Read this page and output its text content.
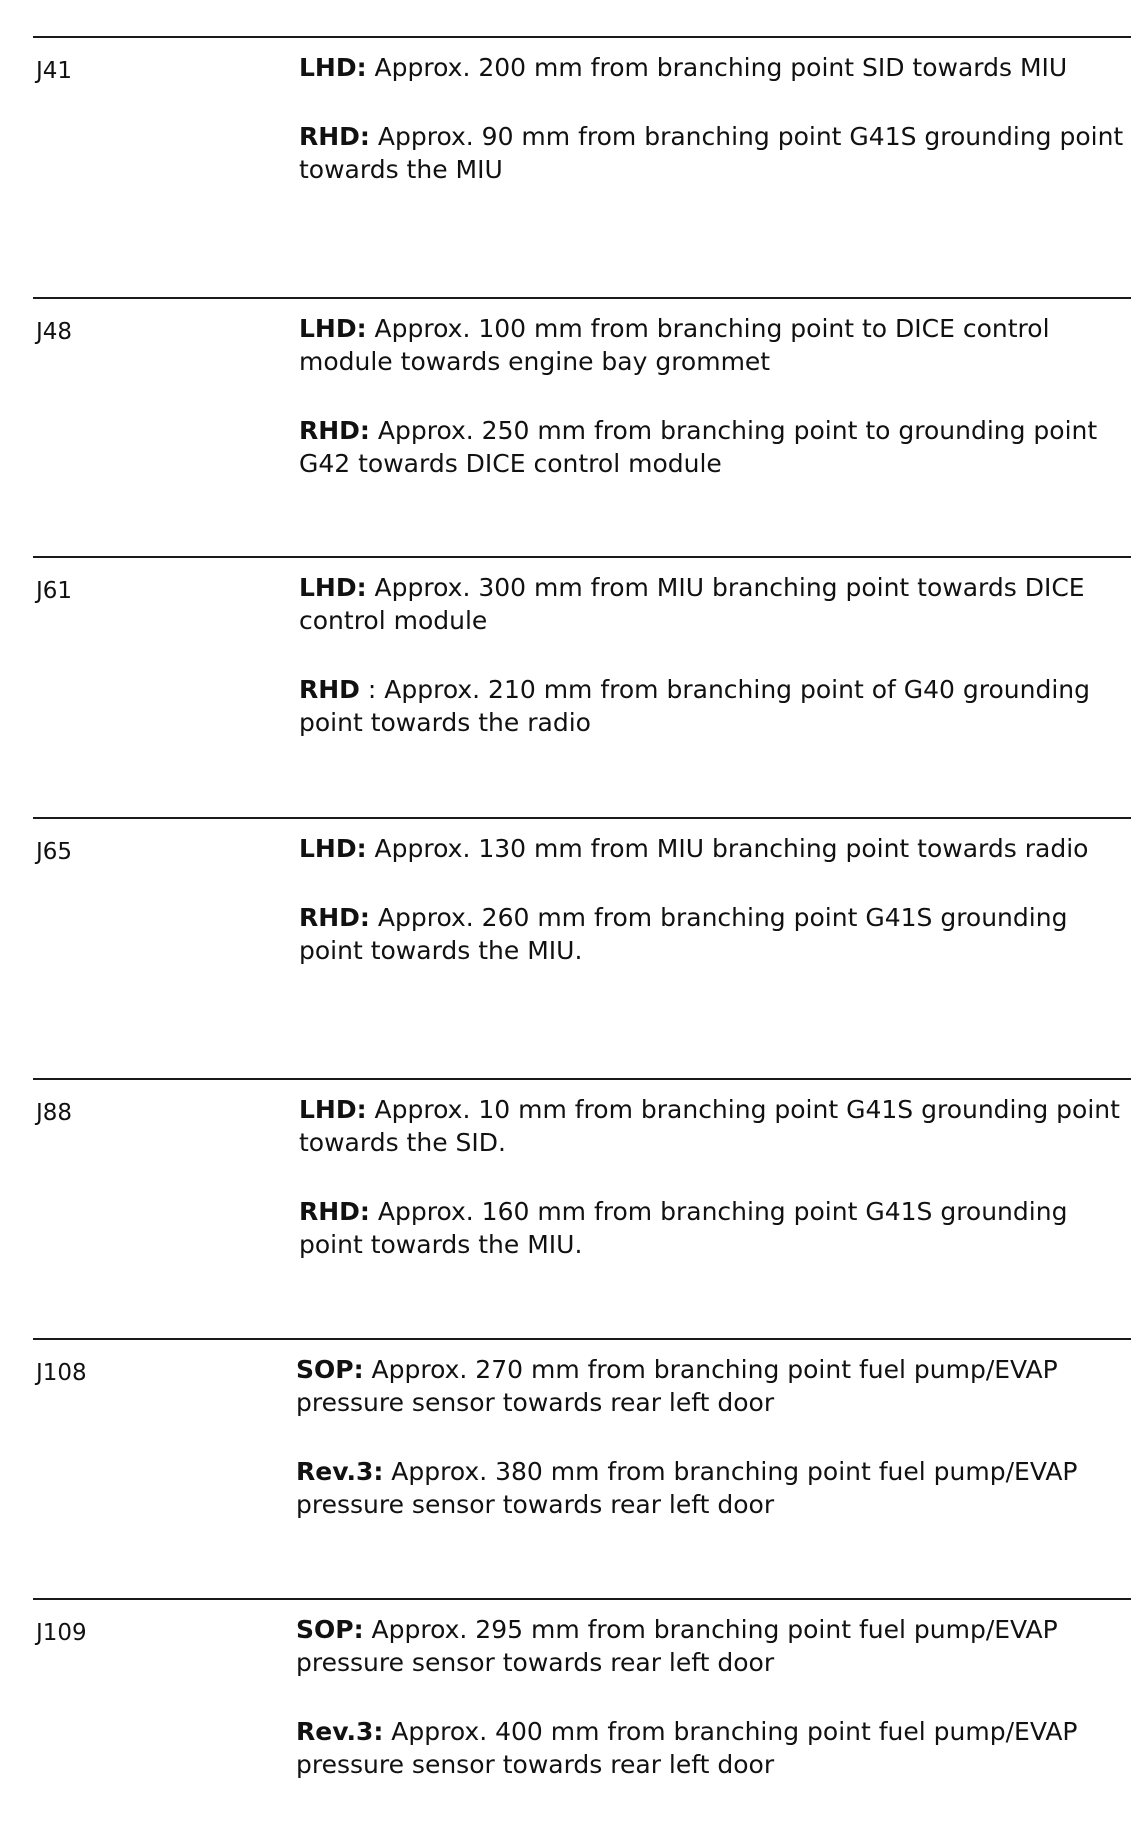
J41	LHD: Approx. 200 mm from branching point SID towards MIU

RHD: Approx. 90 mm from branching point G41S grounding point towards the MIU

J48	LHD: Approx. 100 mm from branching point to DICE control module towards engine bay grommet

RHD: Approx. 250 mm from branching point to grounding point G42 towards DICE control module

J61	LHD: Approx. 300 mm from MIU branching point towards DICE control module

RHD : Approx. 210 mm from branching point of G40 grounding point towards the radio

J65	LHD: Approx. 130 mm from MIU branching point towards radio

RHD: Approx. 260 mm from branching point G41S grounding point towards the MIU.

J88	LHD: Approx. 10 mm from branching point G41S grounding point towards the SID.

RHD: Approx. 160 mm from branching point G41S grounding point towards the MIU.

J108	SOP: Approx. 270 mm from branching point fuel pump/EVAP pressure sensor towards rear left door

Rev.3: Approx. 380 mm from branching point fuel pump/EVAP pressure sensor towards rear left door

J109	SOP: Approx. 295 mm from branching point fuel pump/EVAP pressure sensor towards rear left door

Rev.3: Approx. 400 mm from branching point fuel pump/EVAP pressure sensor towards rear left door
